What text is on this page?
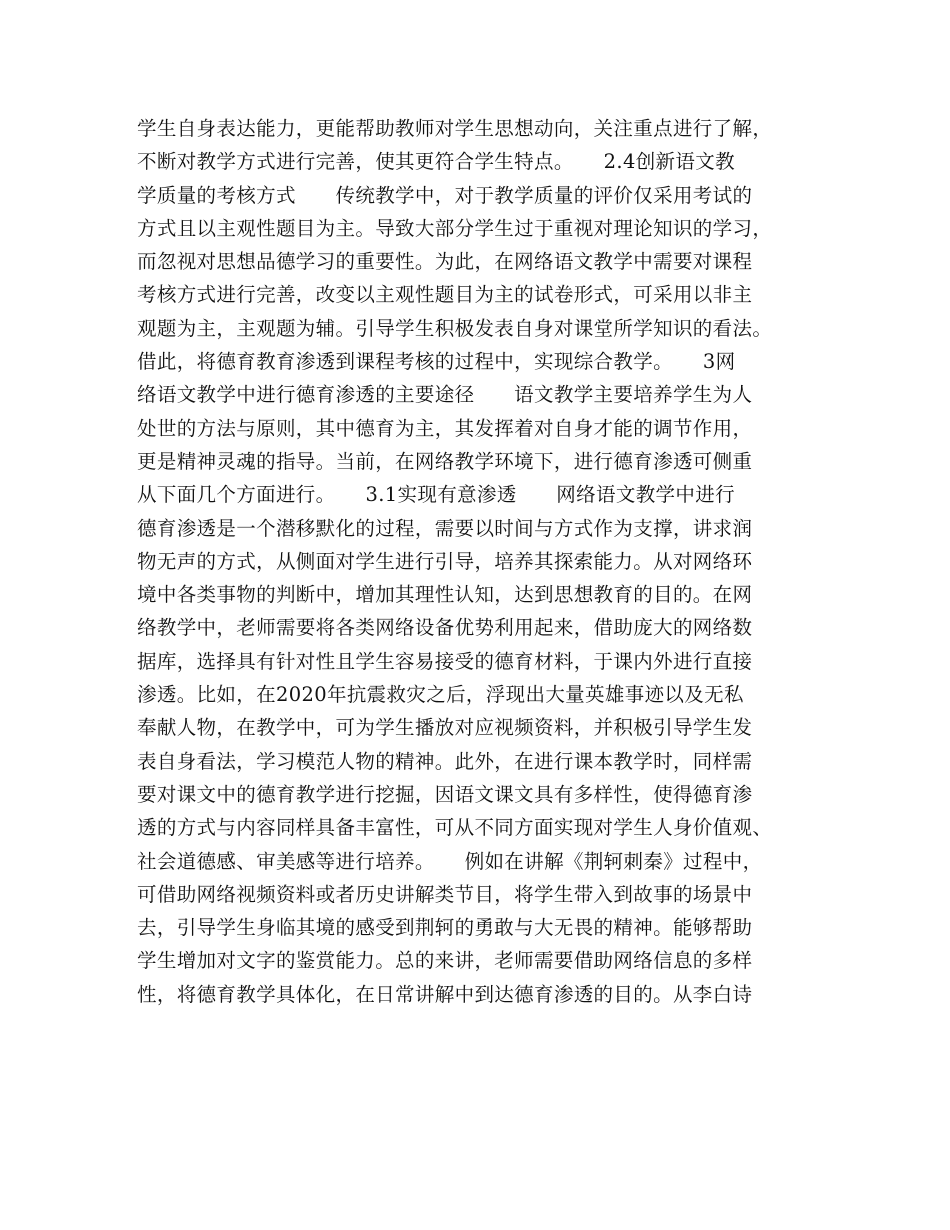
学生自身表达能力，更能帮助教师对学生思想动向，关注重点进行了解，
不断对教学方式进行完善，使其更符合学生特点。　　2.4创新语文教
学质量的考核方式　　传统教学中，对于教学质量的评价仅采用考试的
方式且以主观性题目为主。导致大部分学生过于重视对理论知识的学习，
而忽视对思想品德学习的重要性。为此，在网络语文教学中需要对课程
考核方式进行完善，改变以主观性题目为主的试卷形式，可采用以非主
观题为主，主观题为辅。引导学生积极发表自身对课堂所学知识的看法。
借此，将德育教育渗透到课程考核的过程中，实现综合教学。　　3网
络语文教学中进行德育渗透的主要途径　　语文教学主要培养学生为人
处世的方法与原则，其中德育为主，其发挥着对自身才能的调节作用，
更是精神灵魂的指导。当前，在网络教学环境下，进行德育渗透可侧重
从下面几个方面进行。　　3.1实现有意渗透　　网络语文教学中进行
德育渗透是一个潜移默化的过程，需要以时间与方式作为支撑，讲求润
物无声的方式，从侧面对学生进行引导，培养其探索能力。从对网络环
境中各类事物的判断中，增加其理性认知，达到思想教育的目的。在网
络教学中，老师需要将各类网络设备优势利用起来，借助庞大的网络数
据库，选择具有针对性且学生容易接受的德育材料，于课内外进行直接
渗透。比如，在2020年抗震救灾之后，浮现出大量英雄事迹以及无私
奉献人物，在教学中，可为学生播放对应视频资料，并积极引导学生发
表自身看法，学习模范人物的精神。此外，在进行课本教学时，同样需
要对课文中的德育教学进行挖掘，因语文课文具有多样性，使得德育渗
透的方式与内容同样具备丰富性，可从不同方面实现对学生人身价值观、
社会道德感、审美感等进行培养。　　例如在讲解《荆轲刺秦》过程中，
可借助网络视频资料或者历史讲解类节目，将学生带入到故事的场景中
去，引导学生身临其境的感受到荆轲的勇敢与大无畏的精神。能够帮助
学生增加对文字的鉴赏能力。总的来讲，老师需要借助网络信息的多样
性，将德育教学具体化，在日常讲解中到达德育渗透的目的。从李白诗
